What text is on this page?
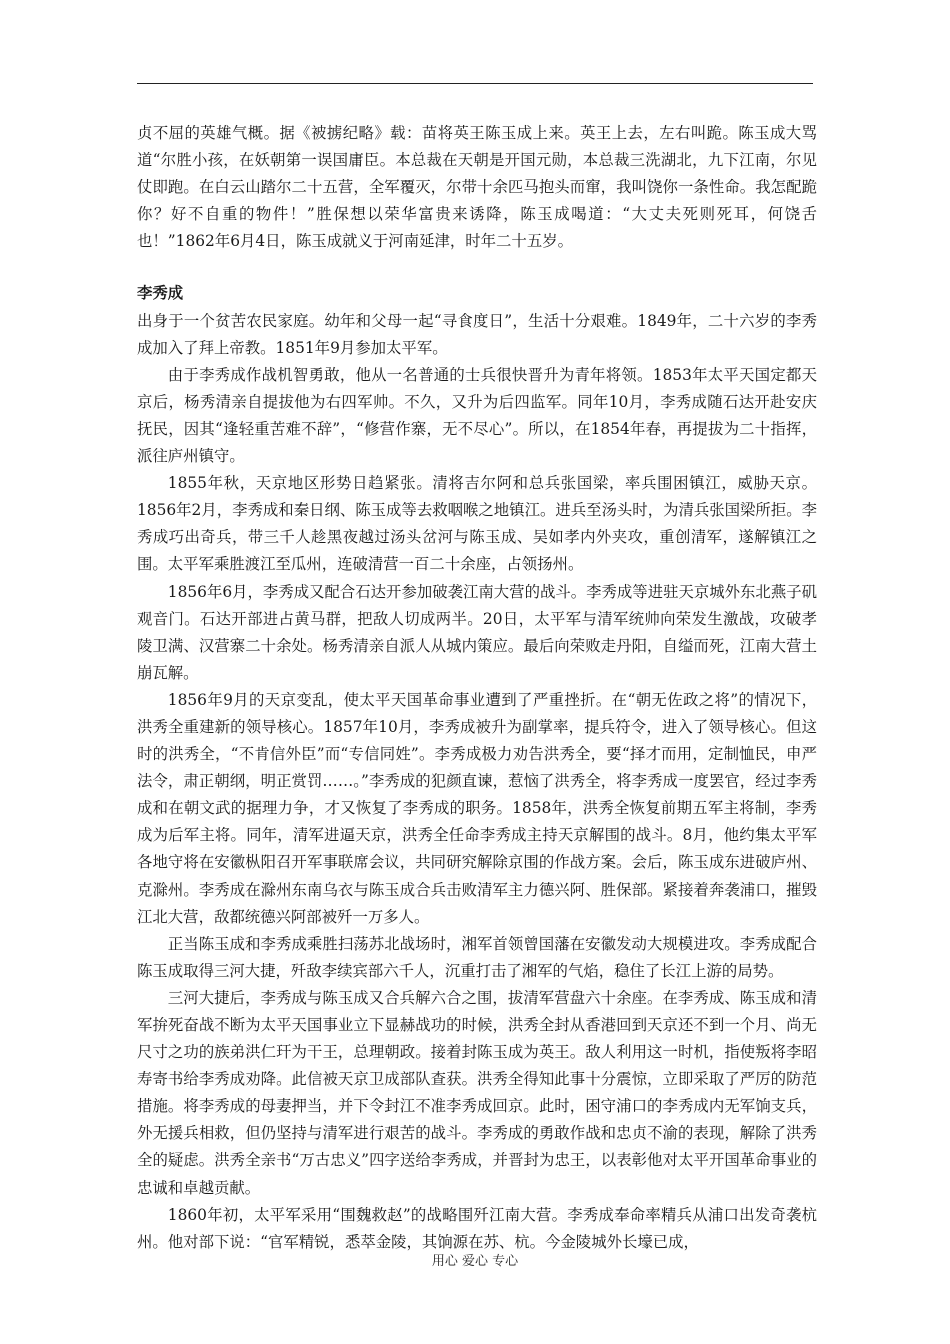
贞不屈的英雄气概。据《被掳纪略》载：苗将英王陈玉成上来。英王上去，左右叫跪。陈玉成大骂道“尔胜小孩，在妖朝第一误国庸臣。本总裁在天朝是开国元勋，本总裁三洗湖北，九下江南，尔见仗即跑。在白云山踏尔二十五营，全军覆灭，尔带十余匹马抱头而窜，我叫饶你一条性命。我怎配跪你？好不自重的物件！”胜保想以荣华富贵来诱降，陈玉成喝道：“大丈夫死则死耳，何饶舌也！”1862年6月4日，陈玉成就义于河南延津，时年二十五岁。

李秀成

出身于一个贫苦农民家庭。幼年和父母一起“寻食度日”，生活十分艰难。1849年，二十六岁的李秀成加入了拜上帝教。1851年9月参加太平军。

由于李秀成作战机智勇敢，他从一名普通的士兵很快晋升为青年将领。1853年太平天国定都天京后，杨秀清亲自提拔他为右四军帅。不久，又升为后四监军。同年10月，李秀成随石达开赴安庆抚民，因其“逢轻重苦难不辞”，“修营作寨，无不尽心”。所以，在1854年春，再提拔为二十指挥，派往庐州镇守。

1855年秋，天京地区形势日趋紧张。清将吉尔阿和总兵张国梁，率兵围困镇江，威胁天京。1856年2月，李秀成和秦日纲、陈玉成等去救咽喉之地镇江。进兵至汤头时，为清兵张国梁所拒。李秀成巧出奇兵，带三千人趁黑夜越过汤头岔河与陈玉成、吴如孝内外夹攻，重创清军，遂解镇江之围。太平军乘胜渡江至瓜州，连破清营一百二十余座，占领扬州。

1856年6月，李秀成又配合石达开参加破袭江南大营的战斗。李秀成等进驻天京城外东北燕子矶观音门。石达开部进占黄马群，把敌人切成两半。20日，太平军与清军统帅向荣发生激战，攻破孝陵卫满、汉营寨二十余处。杨秀清亲自派人从城内策应。最后向荣败走丹阳，自缢而死，江南大营土崩瓦解。

1856年9月的天京变乱，使太平天国革命事业遭到了严重挫折。在“朝无佐政之将”的情况下，洪秀全重建新的领导核心。1857年10月，李秀成被升为副掌率，提兵符令，进入了领导核心。但这时的洪秀全，“不肯信外臣”而“专信同姓”。李秀成极力劝告洪秀全，要“择才而用，定制恤民，申严法令，肃正朝纲，明正赏罚……。”李秀成的犯颜直谏，惹恼了洪秀全，将李秀成一度罢官，经过李秀成和在朝文武的据理力争，才又恢复了李秀成的职务。1858年，洪秀全恢复前期五军主将制，李秀成为后军主将。同年，清军进逼天京，洪秀全任命李秀成主持天京解围的战斗。8月，他约集太平军各地守将在安徽枞阳召开军事联席会议，共同研究解除京围的作战方案。会后，陈玉成东进破庐州、克滁州。李秀成在滁州东南乌衣与陈玉成合兵击败清军主力德兴阿、胜保部。紧接着奔袭浦口，摧毁江北大营，敌都统德兴阿部被歼一万多人。

正当陈玉成和李秀成乘胜扫荡苏北战场时，湘军首领曾国藩在安徽发动大规模进攻。李秀成配合陈玉成取得三河大捷，歼敌李续宾部六千人，沉重打击了湘军的气焰，稳住了长江上游的局势。

三河大捷后，李秀成与陈玉成又合兵解六合之围，拔清军营盘六十余座。在李秀成、陈玉成和清军拚死奋战不断为太平天国事业立下显赫战功的时候，洪秀全封从香港回到天京还不到一个月、尚无尺寸之功的族弟洪仁玕为干王，总理朝政。接着封陈玉成为英王。敌人利用这一时机，指使叛将李昭寿寄书给李秀成劝降。此信被天京卫成部队查获。洪秀全得知此事十分震惊，立即采取了严厉的防范措施。将李秀成的母妻押当，并下令封江不准李秀成回京。此时，困守浦口的李秀成内无军饷支兵，外无援兵相救，但仍坚持与清军进行艰苦的战斗。李秀成的勇敢作战和忠贞不渝的表现，解除了洪秀全的疑虑。洪秀全亲书“万古忠义”四字送给李秀成，并晋封为忠王，以表彰他对太平开国革命事业的忠诚和卓越贡献。

1860年初，太平军采用“围魏救赵”的战略围歼江南大营。李秀成奉命率精兵从浦口出发奇袭杭州。他对部下说：“官军精锐，悉萃金陵，其饷源在苏、杭。今金陵城外长壕已成，

用心 爱心 专心
